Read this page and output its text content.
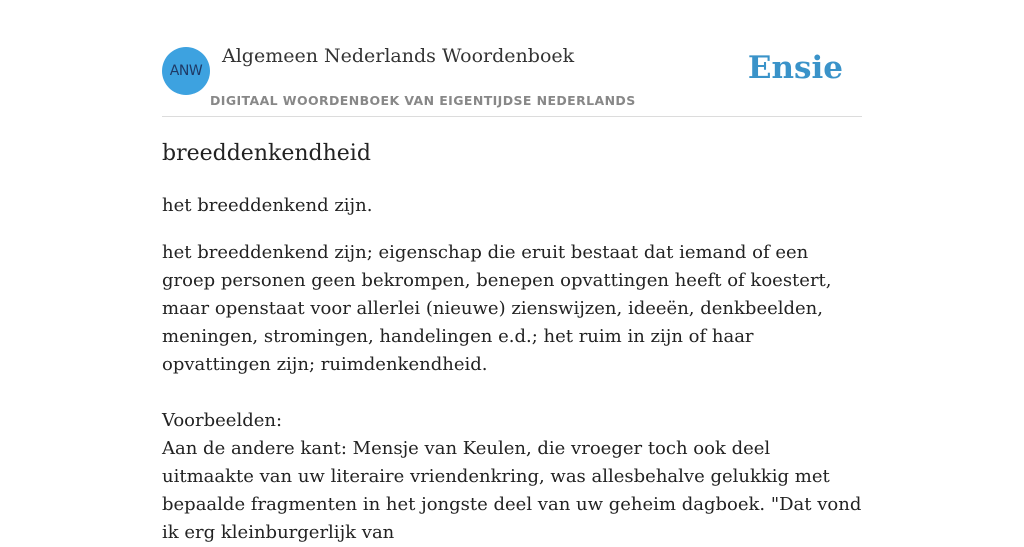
ANW
Algemeen Nederlands Woordenboek
DIGITAAL WOORDENBOEK VAN EIGENTIJDSE NEDERLANDS
Ensie
breeddenkendheid

het breeddenkend zijn.

het breeddenkend zijn; eigenschap die eruit bestaat dat iemand of een groep personen geen bekrompen, benepen opvattingen heeft of koestert, maar openstaat voor allerlei (nieuwe) zienswijzen, ideeën, denkbeelden, meningen, stromingen, handelingen e.d.; het ruim in zijn of haar opvattingen zijn; ruimdenkendheid.

Voorbeelden:

Aan de andere kant: Mensje van Keulen, die vroeger toch ook deel uitmaakte van uw literaire vriendenkring, was allesbehalve gelukkig met bepaalde fragmenten in het jongste deel van uw geheim dagboek. "Dat vond ik erg kleinburgerlijk van
